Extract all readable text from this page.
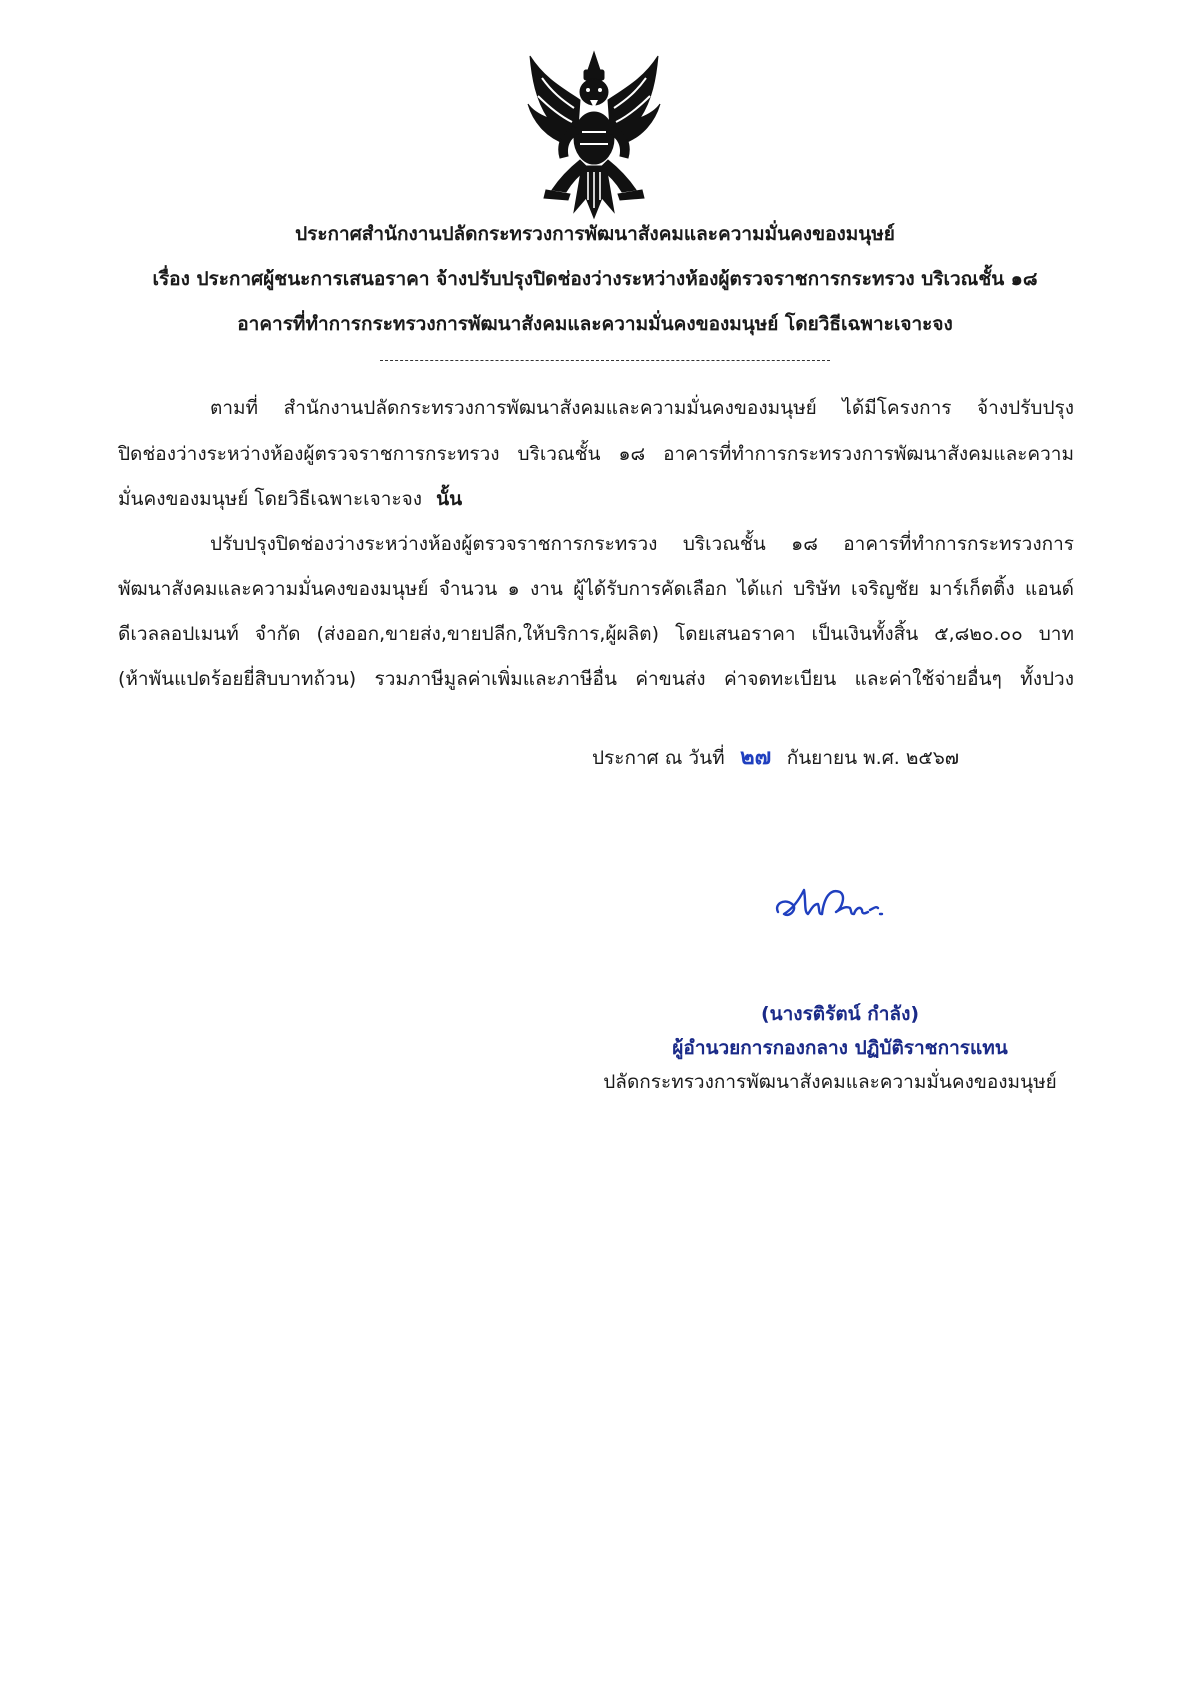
ประกาศสำนักงานปลัดกระทรวงการพัฒนาสังคมและความมั่นคงของมนุษย์
เรื่อง ประกาศผู้ชนะการเสนอราคา จ้างปรับปรุงปิดช่องว่างระหว่างห้องผู้ตรวจราชการกระทรวง บริเวณชั้น ๑๘
อาคารที่ทำการกระทรวงการพัฒนาสังคมและความมั่นคงของมนุษย์ โดยวิธีเฉพาะเจาะจง
ตามที่ สำนักงานปลัดกระทรวงการพัฒนาสังคมและความมั่นคงของมนุษย์ ได้มีโครงการ จ้างปรับปรุง
ปิดช่องว่างระหว่างห้องผู้ตรวจราชการกระทรวง บริเวณชั้น ๑๘ อาคารที่ทำการกระทรวงการพัฒนาสังคมและความ
มั่นคงของมนุษย์ โดยวิธีเฉพาะเจาะจง นั้น
ปรับปรุงปิดช่องว่างระหว่างห้องผู้ตรวจราชการกระทรวง บริเวณชั้น ๑๘ อาคารที่ทำการกระทรวงการ
พัฒนาสังคมและความมั่นคงของมนุษย์ จำนวน ๑ งาน ผู้ได้รับการคัดเลือก ได้แก่ บริษัท เจริญชัย มาร์เก็ตติ้ง แอนด์
ดีเวลลอปเมนท์ จำกัด (ส่งออก,ขายส่ง,ขายปลีก,ให้บริการ,ผู้ผลิต) โดยเสนอราคา เป็นเงินทั้งสิ้น ๕,๘๒๐.๐๐ บาท
(ห้าพันแปดร้อยยี่สิบบาทถ้วน) รวมภาษีมูลค่าเพิ่มและภาษีอื่น ค่าขนส่ง ค่าจดทะเบียน และค่าใช้จ่ายอื่นๆ ทั้งปวง
ประกาศ ณ วันที่ ๒๗ กันยายน พ.ศ. ๒๕๖๗
(นางรติรัตน์ กำลัง)
ผู้อำนวยการกองกลาง ปฏิบัติราชการแทน
ปลัดกระทรวงการพัฒนาสังคมและความมั่นคงของมนุษย์
